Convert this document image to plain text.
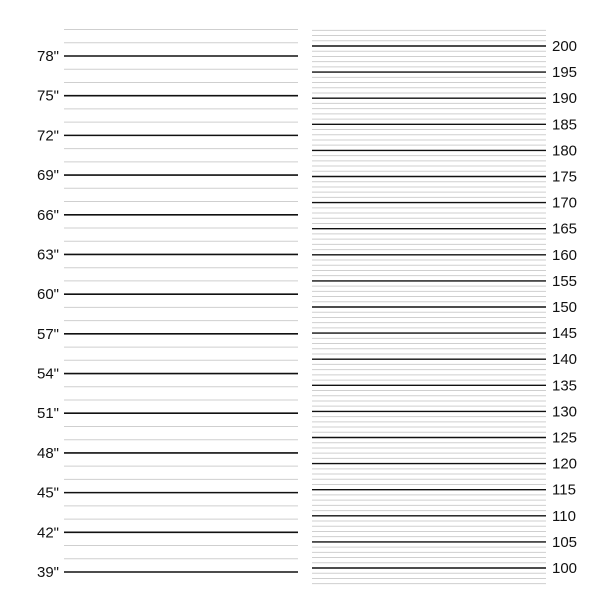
78"
75"
72"
69"
66"
63"
60"
57"
54"
51"
48"
45"
42"
39"
200
195
190
185
180
175
170
165
160
155
150
145
140
135
130
125
120
115
110
105
100
